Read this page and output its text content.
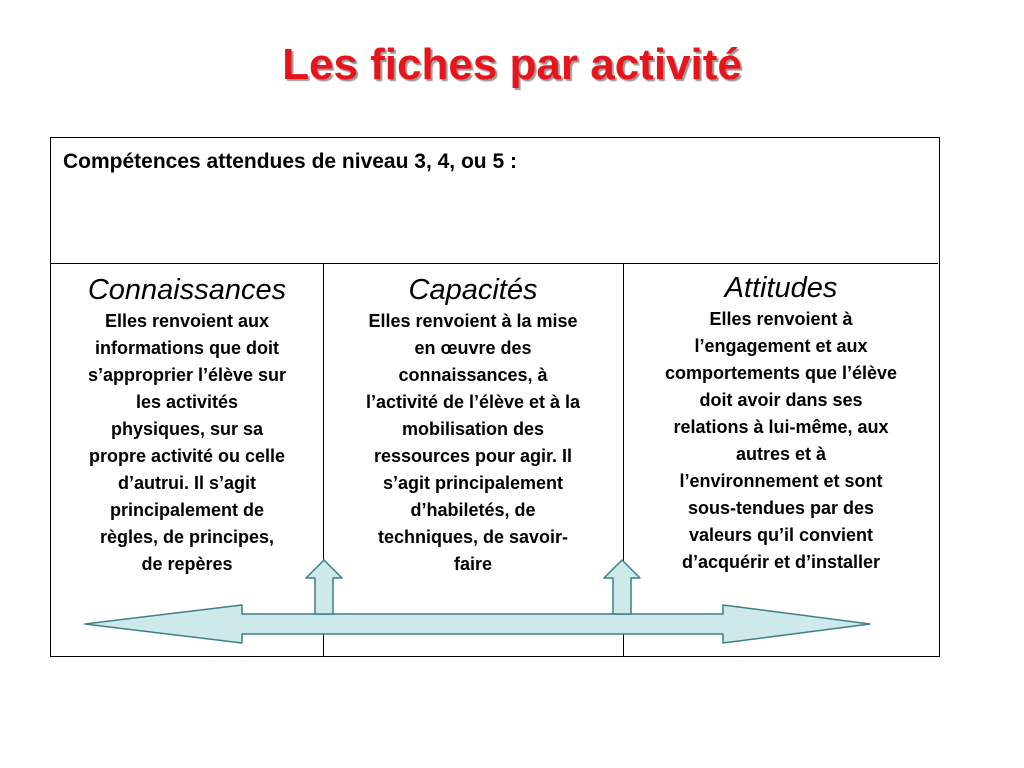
Les fiches par activité
Compétences attendues de niveau 3, 4, ou 5 :
Connaissances
Elles renvoient aux
informations que doit
s’approprier l’élève sur
les activités
physiques, sur sa
propre activité ou celle
d’autrui. Il s’agit
principalement de
règles, de principes,
de repères
Capacités
Elles renvoient à la mise
en œuvre des
connaissances, à
l’activité de l’élève et à la
mobilisation des
ressources pour agir. Il
s’agit principalement
d’habiletés, de
techniques, de savoir-
faire
Attitudes
Elles renvoient à
l’engagement et aux
comportements que l’élève
doit avoir dans ses
relations à lui-même, aux
autres et à
l’environnement et sont
sous-tendues par des
valeurs qu’il convient
d’acquérir et d’installer
